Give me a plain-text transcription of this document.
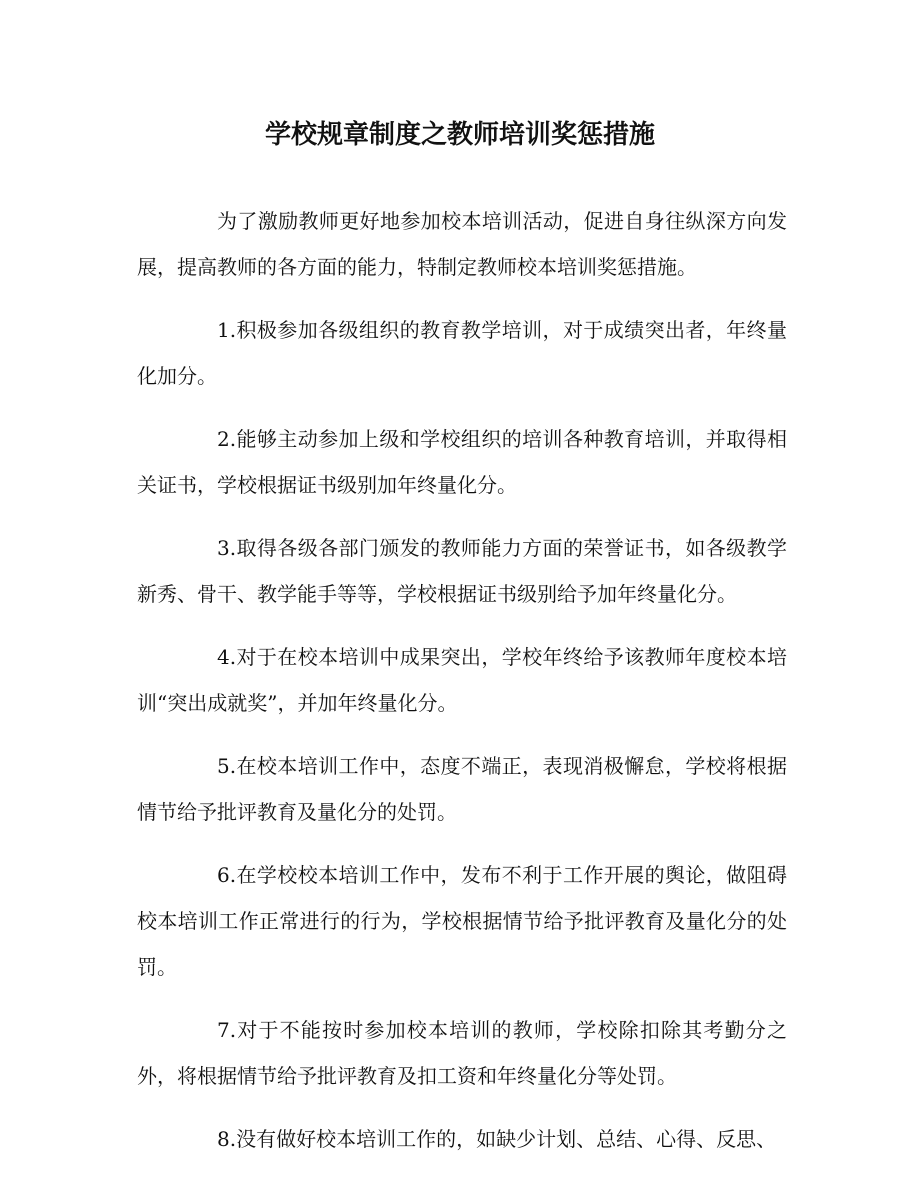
学校规章制度之教师培训奖惩措施

为了激励教师更好地参加校本培训活动，促进自身往纵深方向发展，提高教师的各方面的能力，特制定教师校本培训奖惩措施。

1.积极参加各级组织的教育教学培训，对于成绩突出者，年终量化加分。

2.能够主动参加上级和学校组织的培训各种教育培训，并取得相关证书，学校根据证书级别加年终量化分。

3.取得各级各部门颁发的教师能力方面的荣誉证书，如各级教学新秀、骨干、教学能手等等，学校根据证书级别给予加年终量化分。

4.对于在校本培训中成果突出，学校年终给予该教师年度校本培训“突出成就奖”，并加年终量化分。

5.在校本培训工作中，态度不端正，表现消极懈怠，学校将根据情节给予批评教育及量化分的处罚。

6.在学校校本培训工作中，发布不利于工作开展的舆论，做阻碍校本培训工作正常进行的行为，学校根据情节给予批评教育及量化分的处罚。

7.对于不能按时参加校本培训的教师，学校除扣除其考勤分之外，将根据情节给予批评教育及扣工资和年终量化分等处罚。

8.没有做好校本培训工作的，如缺少计划、总结、心得、反思、
